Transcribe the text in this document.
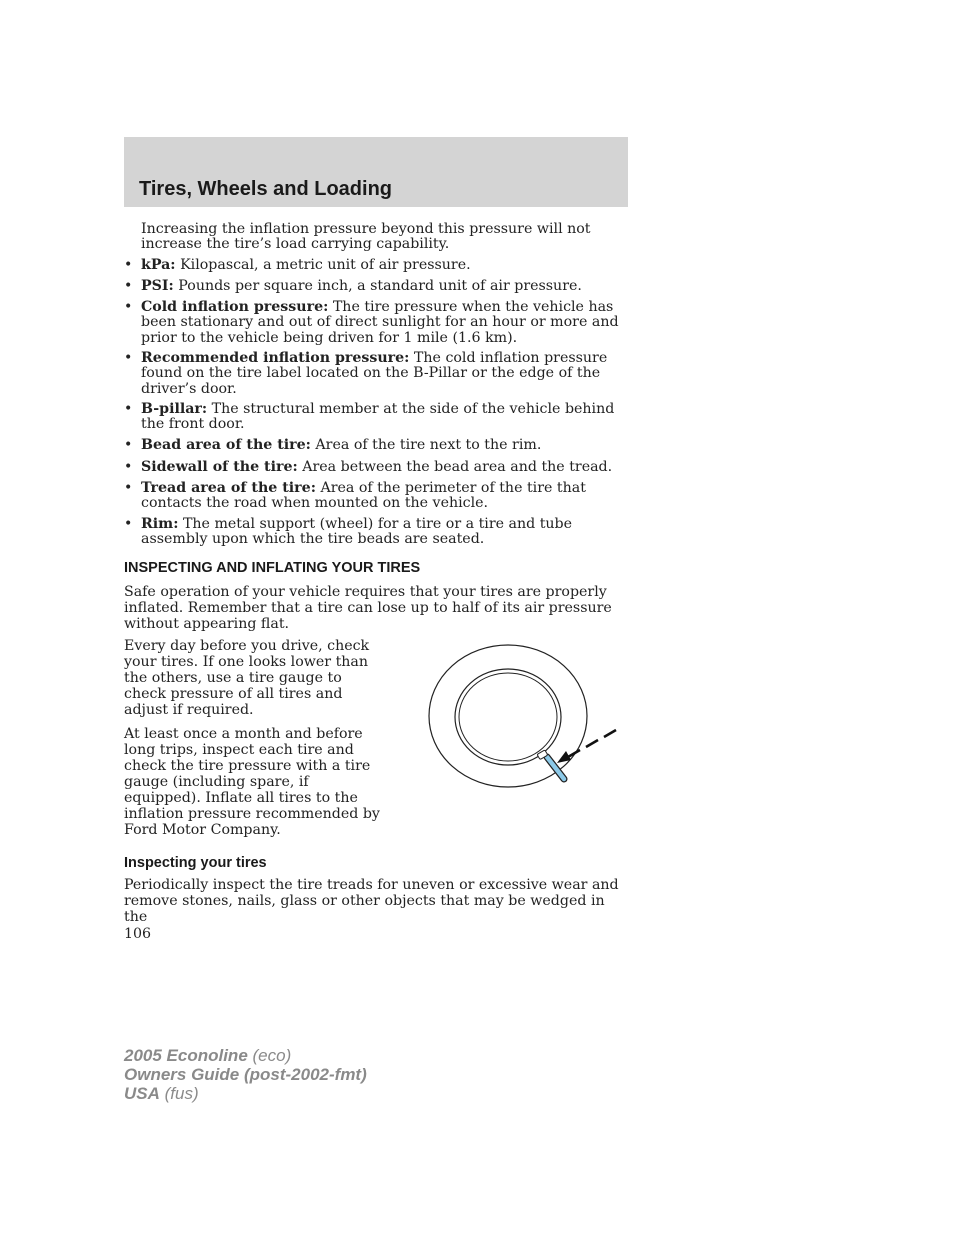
Tires, Wheels and Loading
Increasing the inflation pressure beyond this pressure will not increase the tire’s load carrying capability.
• kPa: Kilopascal, a metric unit of air pressure.
• PSI: Pounds per square inch, a standard unit of air pressure.
• Cold inflation pressure: The tire pressure when the vehicle has been stationary and out of direct sunlight for an hour or more and prior to the vehicle being driven for 1 mile (1.6 km).
• Recommended inflation pressure: The cold inflation pressure found on the tire label located on the B-Pillar or the edge of the driver’s door.
• B-pillar: The structural member at the side of the vehicle behind the front door.
• Bead area of the tire: Area of the tire next to the rim.
• Sidewall of the tire: Area between the bead area and the tread.
• Tread area of the tire: Area of the perimeter of the tire that contacts the road when mounted on the vehicle.
• Rim: The metal support (wheel) for a tire or a tire and tube assembly upon which the tire beads are seated.
INSPECTING AND INFLATING YOUR TIRES
Safe operation of your vehicle requires that your tires are properly inflated. Remember that a tire can lose up to half of its air pressure without appearing flat.
Every day before you drive, check your tires. If one looks lower than the others, use a tire gauge to check pressure of all tires and adjust if required.
At least once a month and before long trips, inspect each tire and check the tire pressure with a tire gauge (including spare, if equipped). Inflate all tires to the inflation pressure recommended by Ford Motor Company.
Inspecting your tires
Periodically inspect the tire treads for uneven or excessive wear and remove stones, nails, glass or other objects that may be wedged in the
106
2005 Econoline (eco)
Owners Guide (post-2002-fmt)
USA (fus)
